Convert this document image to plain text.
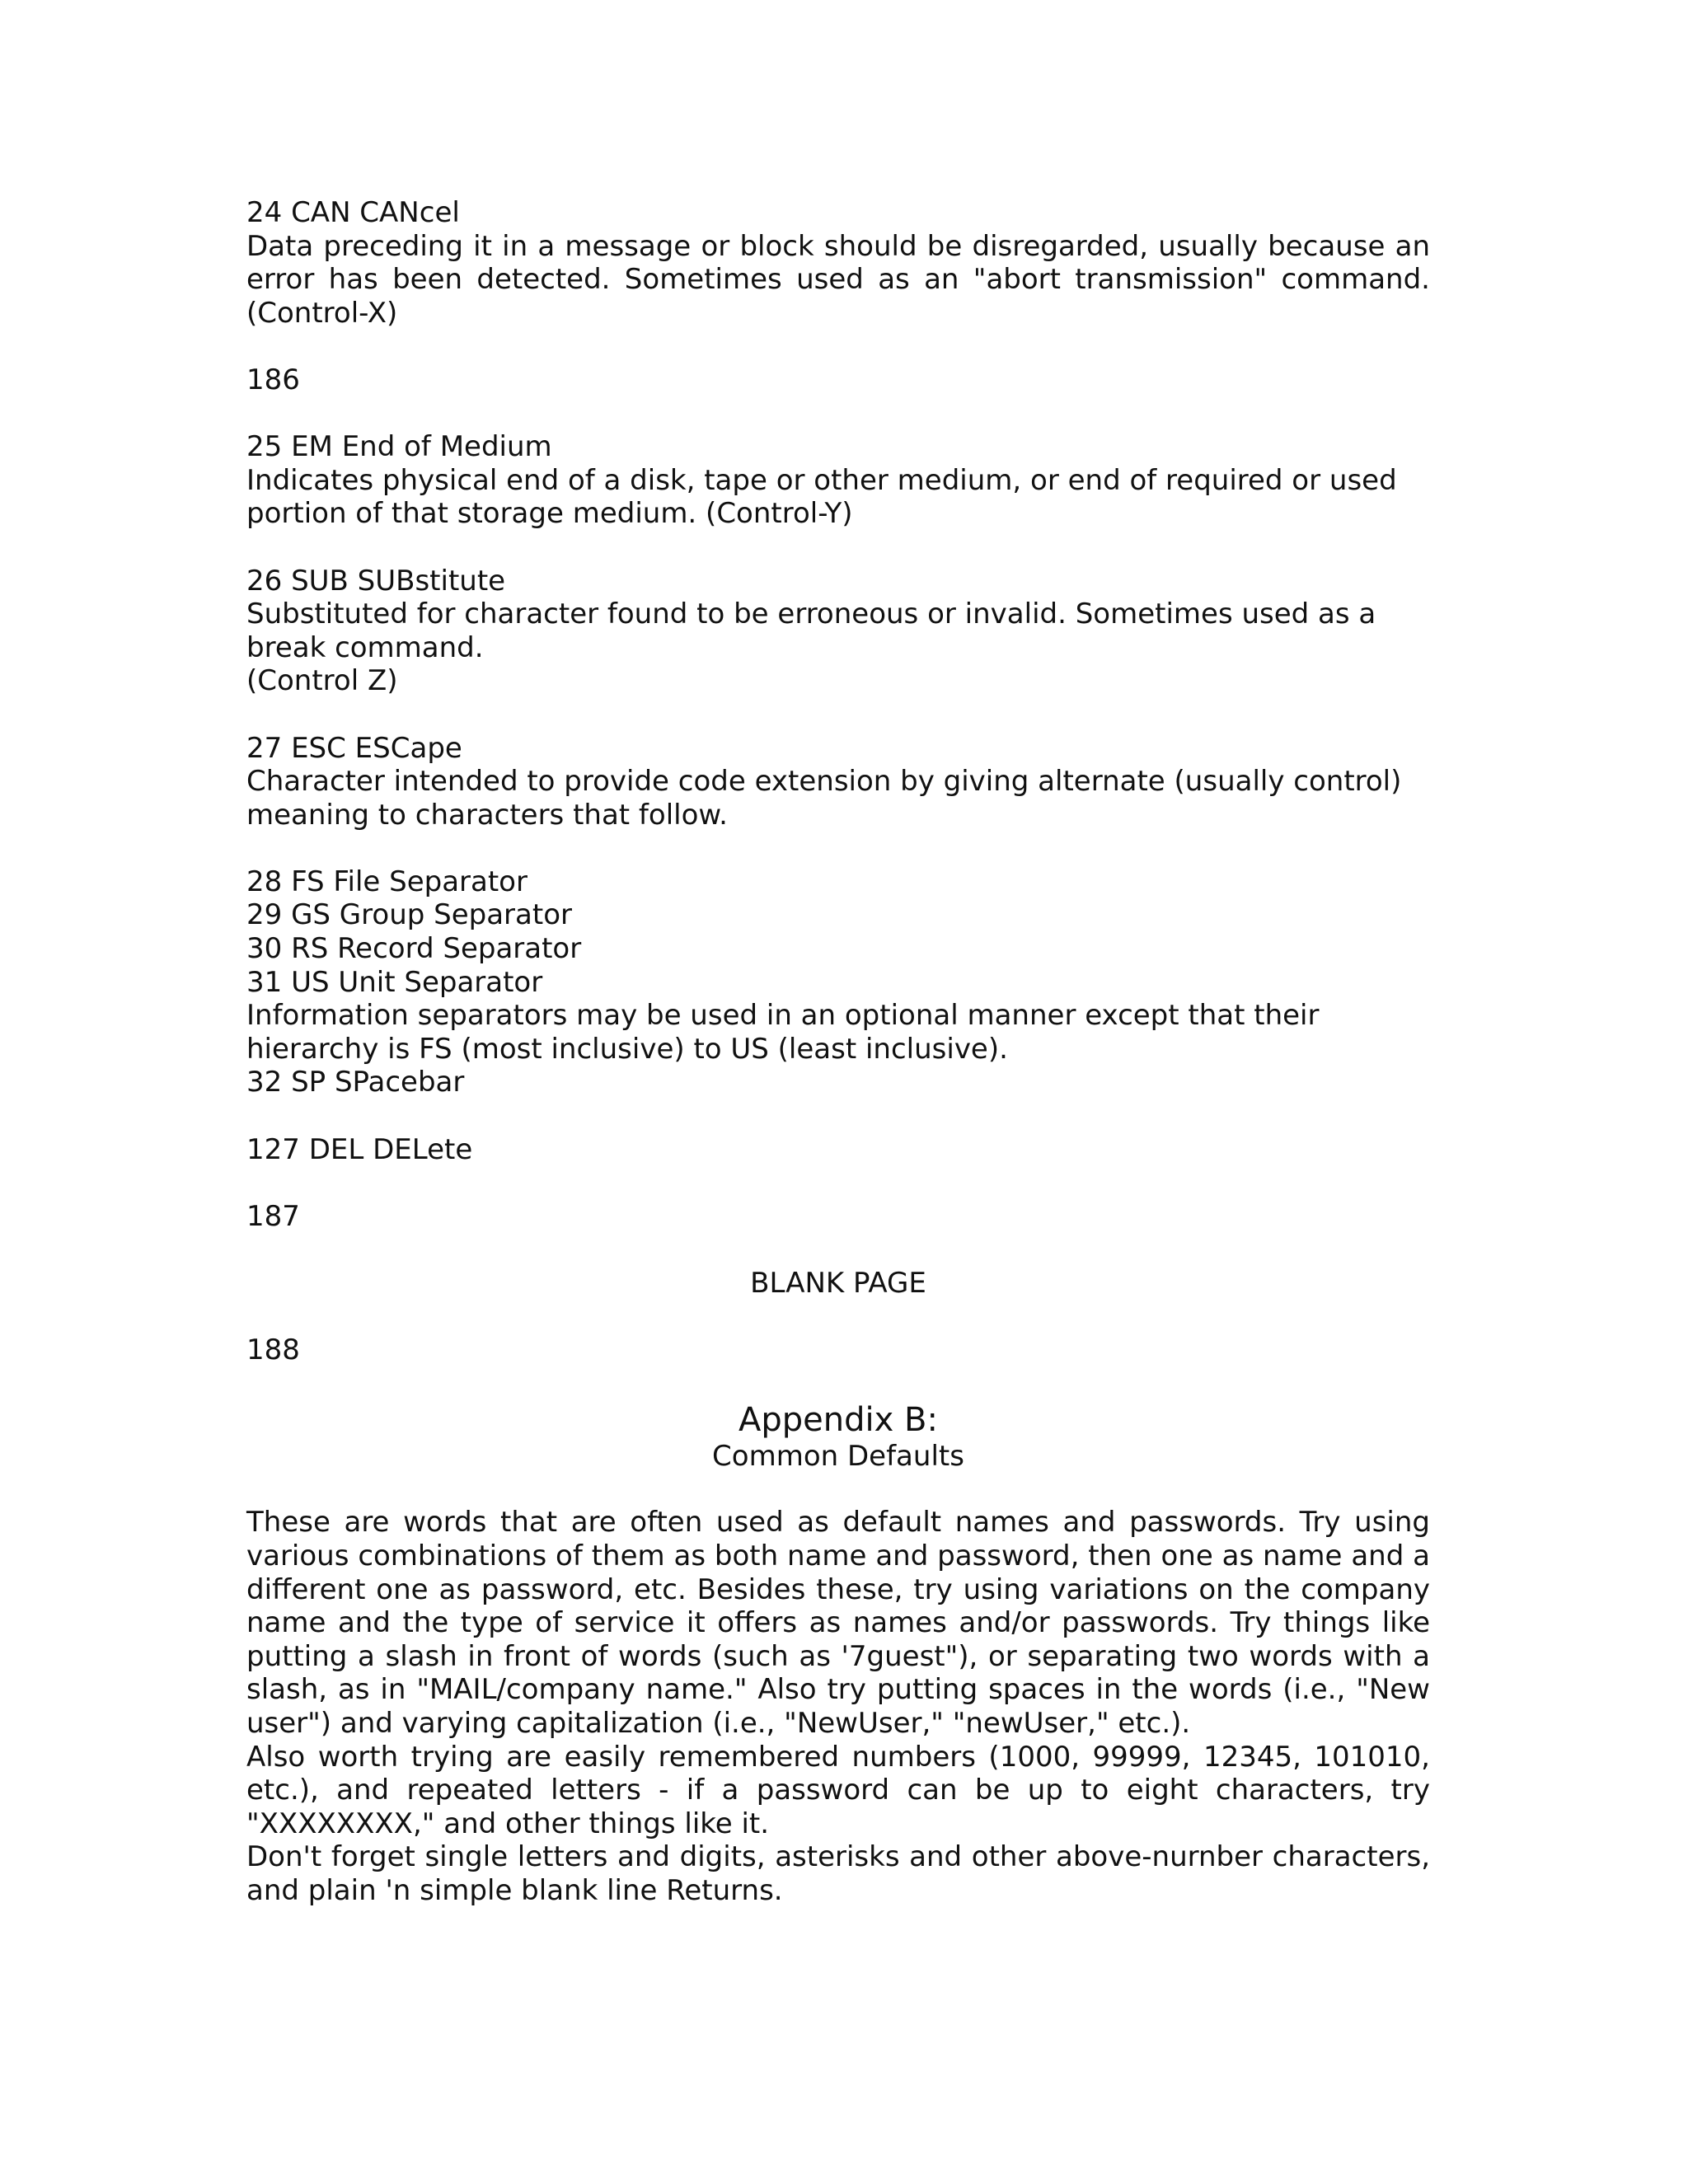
24 CAN CANcel
Data preceding it in a message or block should be disregarded, usually because an
error has been detected. Sometimes used as an "abort transmission" command.
(Control-X)
186
25 EM End of Medium
Indicates physical end of a disk, tape or other medium, or end of required or used
portion of that storage medium. (Control-Y)
26 SUB SUBstitute
Substituted for character found to be erroneous or invalid. Sometimes used as a
break command.
(Control Z)
27 ESC ESCape
Character intended to provide code extension by giving alternate (usually control)
meaning to characters that follow.
28 FS File Separator
29 GS Group Separator
30 RS Record Separator
31 US Unit Separator
Information separators may be used in an optional manner except that their
hierarchy is FS (most inclusive) to US (least inclusive).
32 SP SPacebar
127 DEL DELete
187
BLANK PAGE
188
Appendix B:
Common Defaults
These are words that are often used as default names and passwords. Try using
various combinations of them as both name and password, then one as name and a
different one as password, etc. Besides these, try using variations on the company
name and the type of service it offers as names and/or passwords. Try things like
putting a slash in front of words (such as '7guest"), or separating two words with a
slash, as in "MAIL/company name." Also try putting spaces in the words (i.e., "New
user") and varying capitalization (i.e., "NewUser," "newUser," etc.).
Also worth trying are easily remembered numbers (1000, 99999, 12345, 101010,
etc.), and repeated letters - if a password can be up to eight characters, try
"XXXXXXXX," and other things like it.
Don't forget single letters and digits, asterisks and other above-nurnber characters,
and plain 'n simple blank line Returns.
